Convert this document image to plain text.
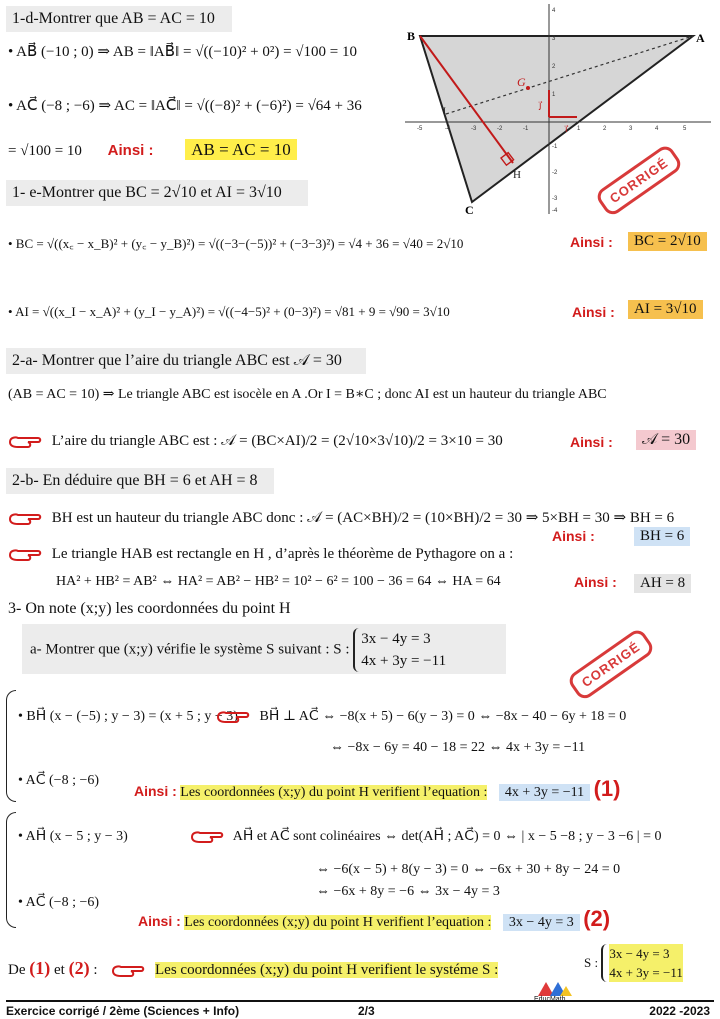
1-d-Montrer que AB = AC = 10
• AB⃗ (−10 ; 0) ⇒ AB = ‖AB⃗‖ = √((−10)² + 0²) = √100 = 10
• AC⃗ (−8 ; −6) ⇒ AC = ‖AC⃗‖ = √((−8)² + (−6)²) = √64 + 36
= √100 = 10 Ainsi : AB = AC = 10
B	A
C
G
H
I
j⃗
i⃗
-5	-4	-3	-2	-1	1	2	3	4	5
4
3
2
1
-1
-2
-3
-4
CORRIGÉ
1- e-Montrer que BC = 2√10 et AI = 3√10
• BC = √((x꜀ − x_B)² + (y꜀ − y_B)²) = √((−3−(−5))² + (−3−3)²) = √4 + 36 = √40 = 2√10	Ainsi :	BC = 2√10
• AI = √((x_I − x_A)² + (y_I − y_A)²) = √((−4−5)² + (0−3)²) = √81 + 9 = √90 = 3√10	Ainsi :	AI = 3√10
2-a- Montrer que l’aire du triangle ABC est 𝒜 = 30
(AB = AC = 10) ⇒ Le triangle ABC est isocèle en A .Or I = B∗C ; donc AI est un hauteur du triangle ABC
L’aire du triangle ABC est : 𝒜 = (BC×AI)/2 = (2√10×3√10)/2 = 3×10 = 30	Ainsi :	𝒜 = 30
2-b- En déduire que BH = 6 et AH = 8
BH est un hauteur du triangle ABC donc : 𝒜 = (AC×BH)/2 = (10×BH)/2 = 30 ⇒ 5×BH = 30 ⇒ BH = 6
Ainsi :	BH = 6
Le triangle HAB est rectangle en H , d’après le théorème de Pythagore on a :
HA² + HB² = AB² ⇔ HA² = AB² − HB² = 10² − 6² = 100 − 36 = 64 ⇔ HA = 64	Ainsi :	AH = 8
3- On note (x;y) les coordonnées du point H
a- Montrer que (x;y) vérifie le système S suivant : S :
3x − 4y = 3
4x + 3y = −11	CORRIGÉ
• BH⃗ (x − (−5) ; y − 3) = (x + 5 ; y − 3)	BH⃗ ⊥ AC⃗ ⇔ −8(x + 5) − 6(y − 3) = 0 ⇔ −8x − 40 − 6y + 18 = 0
⇔ −8x − 6y = 40 − 18 = 22 ⇔ 4x + 3y = −11
• AC⃗ (−8 ; −6)
Ainsi : Les coordonnées (x;y) du point H verifient l’equation : 4x + 3y = −11 (1)
• AH⃗ (x − 5 ; y − 3)	AH⃗ et AC⃗ sont colinéaires ⇔ det(AH⃗ ; AC⃗) = 0 ⇔ | x − 5 −8 ; y − 3 −6 | = 0
⇔ −6(x − 5) + 8(y − 3) = 0 ⇔ −6x + 30 + 8y − 24 = 0
⇔ −6x + 8y = −6 ⇔ 3x − 4y = 3
• AC⃗ (−8 ; −6)
Ainsi : Les coordonnées (x;y) du point H verifient l’equation : 3x − 4y = 3 (2)
De (1) et (2) :	Les coordonnées (x;y) du point H verifient le systéme S :	S :
3x − 4y = 3
4x + 3y = −11
Exercice corrigé / 2ème (Sciences + Info)	2/3	2022 -2023
